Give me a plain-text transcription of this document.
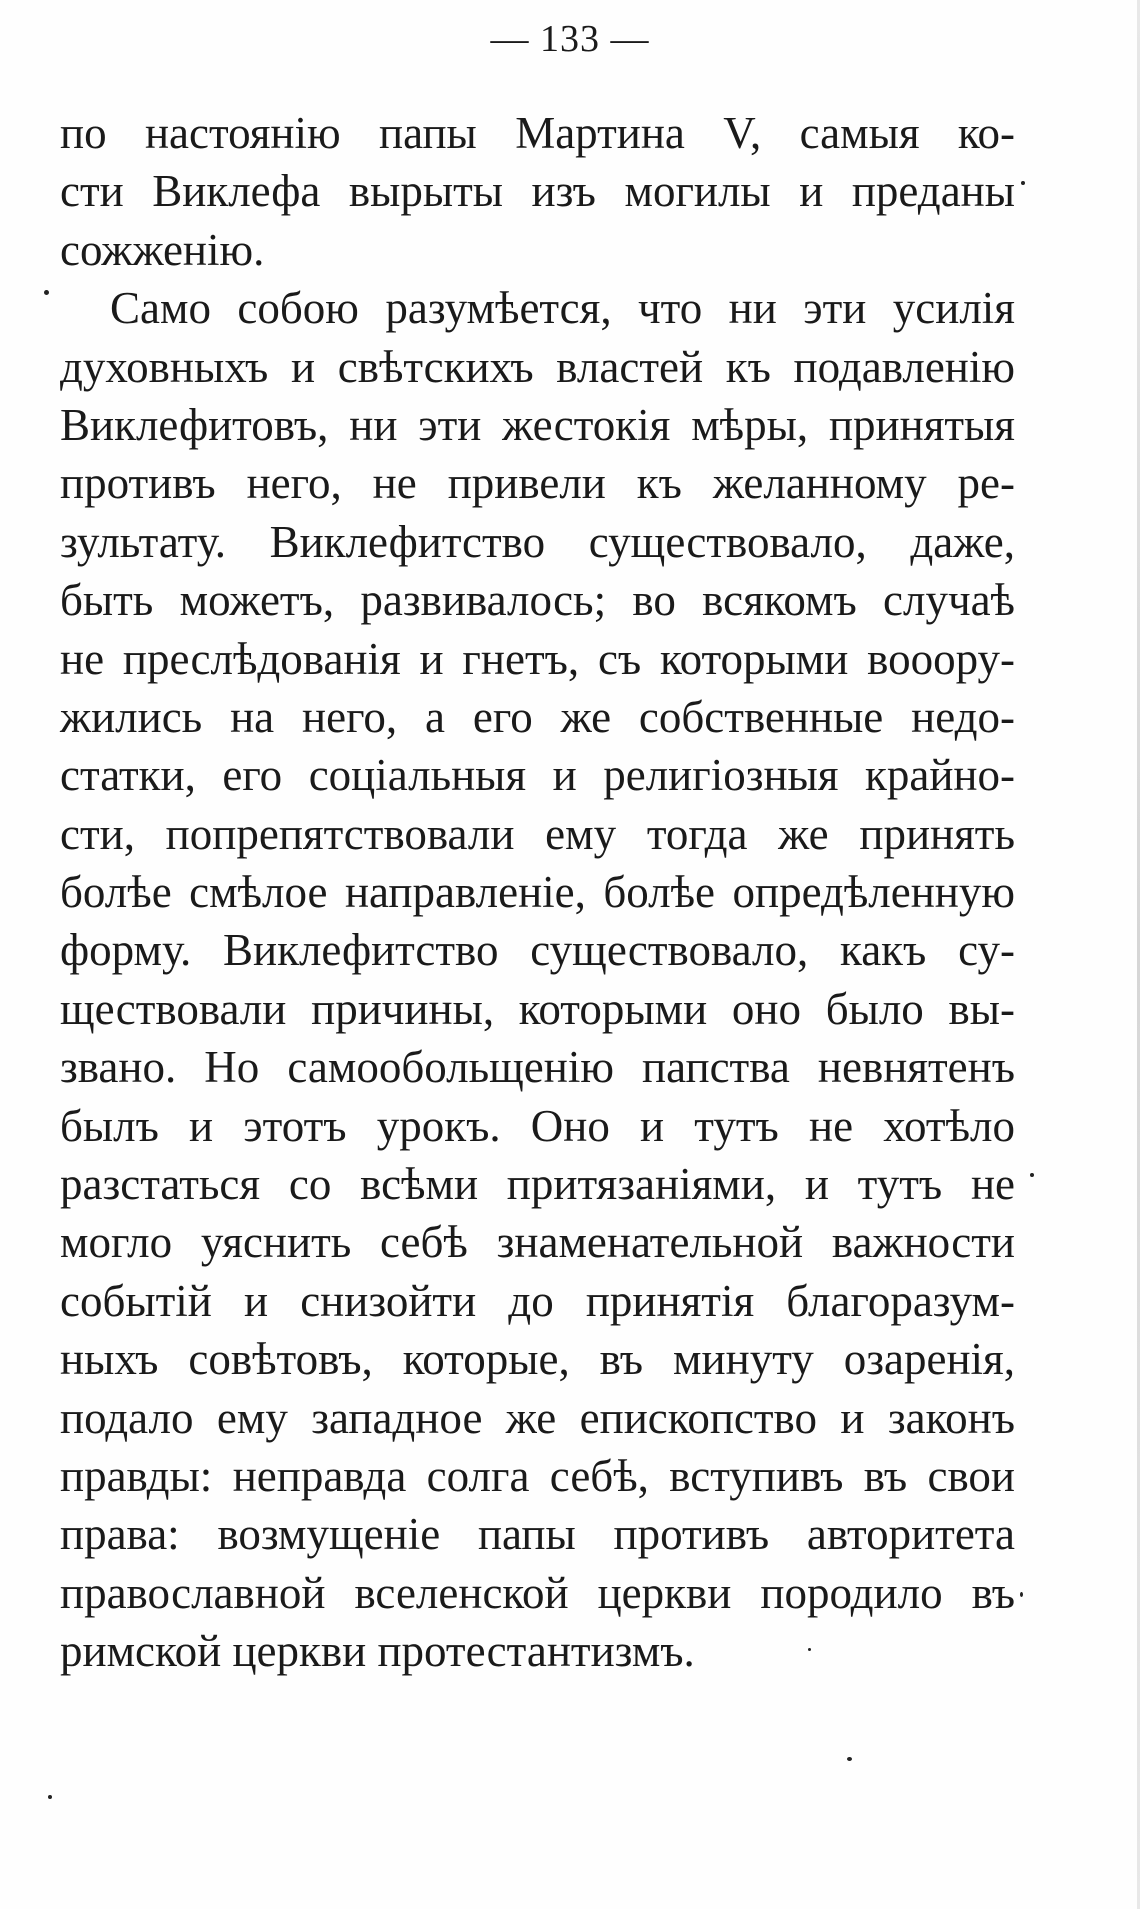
— 133 —
по настоянію папы Мартина V, самыя ко-
сти Виклефа вырыты изъ могилы и преданы
сожженію.
Само собою разумѣется, что ни эти усилія
духовныхъ и свѣтскихъ властей къ подавленію
Виклефитовъ, ни эти жестокія мѣры, принятыя
противъ него, не привели къ желанному ре-
зультату. Виклефитство существовало, даже,
быть можетъ, развивалось; во всякомъ случаѣ
не преслѣдованія и гнетъ, съ которыми вооору-
жились на него, а его же собственные недо-
статки, его соціальныя и религіозныя крайно-
сти, попрепятствовали ему тогда же принять
болѣе смѣлое направленіе, болѣе опредѣленную
форму. Виклефитство существовало, какъ су-
ществовали причины, которыми оно было вы-
звано. Но самообольщенію папства невнятенъ
былъ и этотъ урокъ. Оно и тутъ не хотѣло
разстаться со всѣми притязаніями, и тутъ не
могло уяснить себѣ знаменательной важности
событій и снизойти до принятія благоразум-
ныхъ совѣтовъ, которые, въ минуту озаренія,
подало ему западное же епископство и законъ
правды: неправда солга себѣ, вступивъ въ свои
права: возмущеніе папы противъ авторитета
православной вселенской церкви породило въ
римской церкви протестантизмъ.
